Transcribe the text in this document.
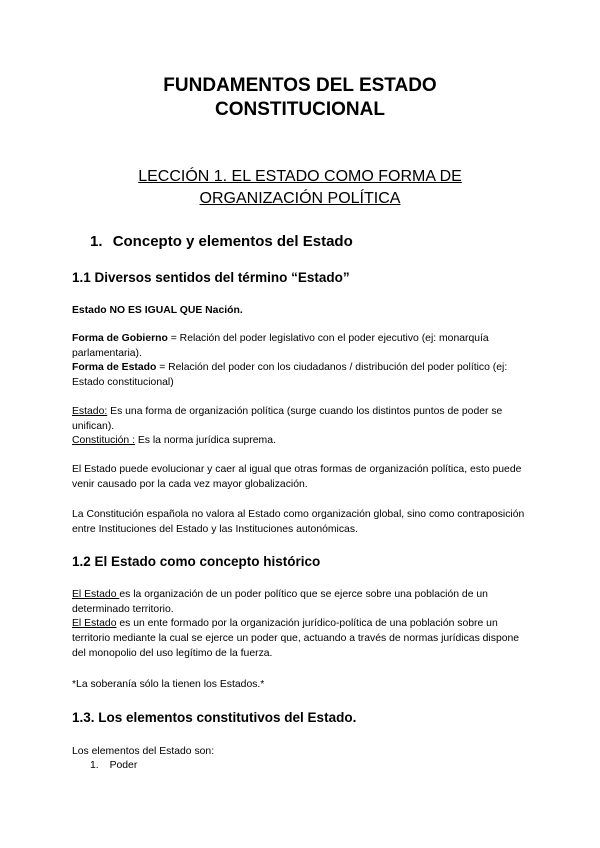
FUNDAMENTOS DEL ESTADO
CONSTITUCIONAL
LECCIÓN 1. EL ESTADO COMO FORMA DE
ORGANIZACIÓN POLÍTICA
1. Concepto y elementos del Estado
1.1 Diversos sentidos del término “Estado”
Estado NO ES IGUAL QUE Nación.
Forma de Gobierno = Relación del poder legislativo con el poder ejecutivo (ej: monarquía parlamentaria).
Forma de Estado = Relación del poder con los ciudadanos / distribución del poder político (ej: Estado constitucional)
Estado: Es una forma de organización política (surge cuando los distintos puntos de poder se unifican).
Constitución : Es la norma jurídica suprema.
El Estado puede evolucionar y caer al igual que otras formas de organización política, esto puede venir causado por la cada vez mayor globalización.
La Constitución española no valora al Estado como organización global, sino como contraposición entre Instituciones del Estado y las Instituciones autonómicas.
1.2 El Estado como concepto histórico
El Estado es la organización de un poder político que se ejerce sobre una población de un determinado territorio.
El Estado es un ente formado por la organización jurídico-política de una población sobre un territorio mediante la cual se ejerce un poder que, actuando a través de normas jurídicas dispone del monopolio del uso legítimo de la fuerza.
*La soberanía sólo la tienen los Estados.*
1.3. Los elementos constitutivos del Estado.
Los elementos del Estado son:
1. Poder
